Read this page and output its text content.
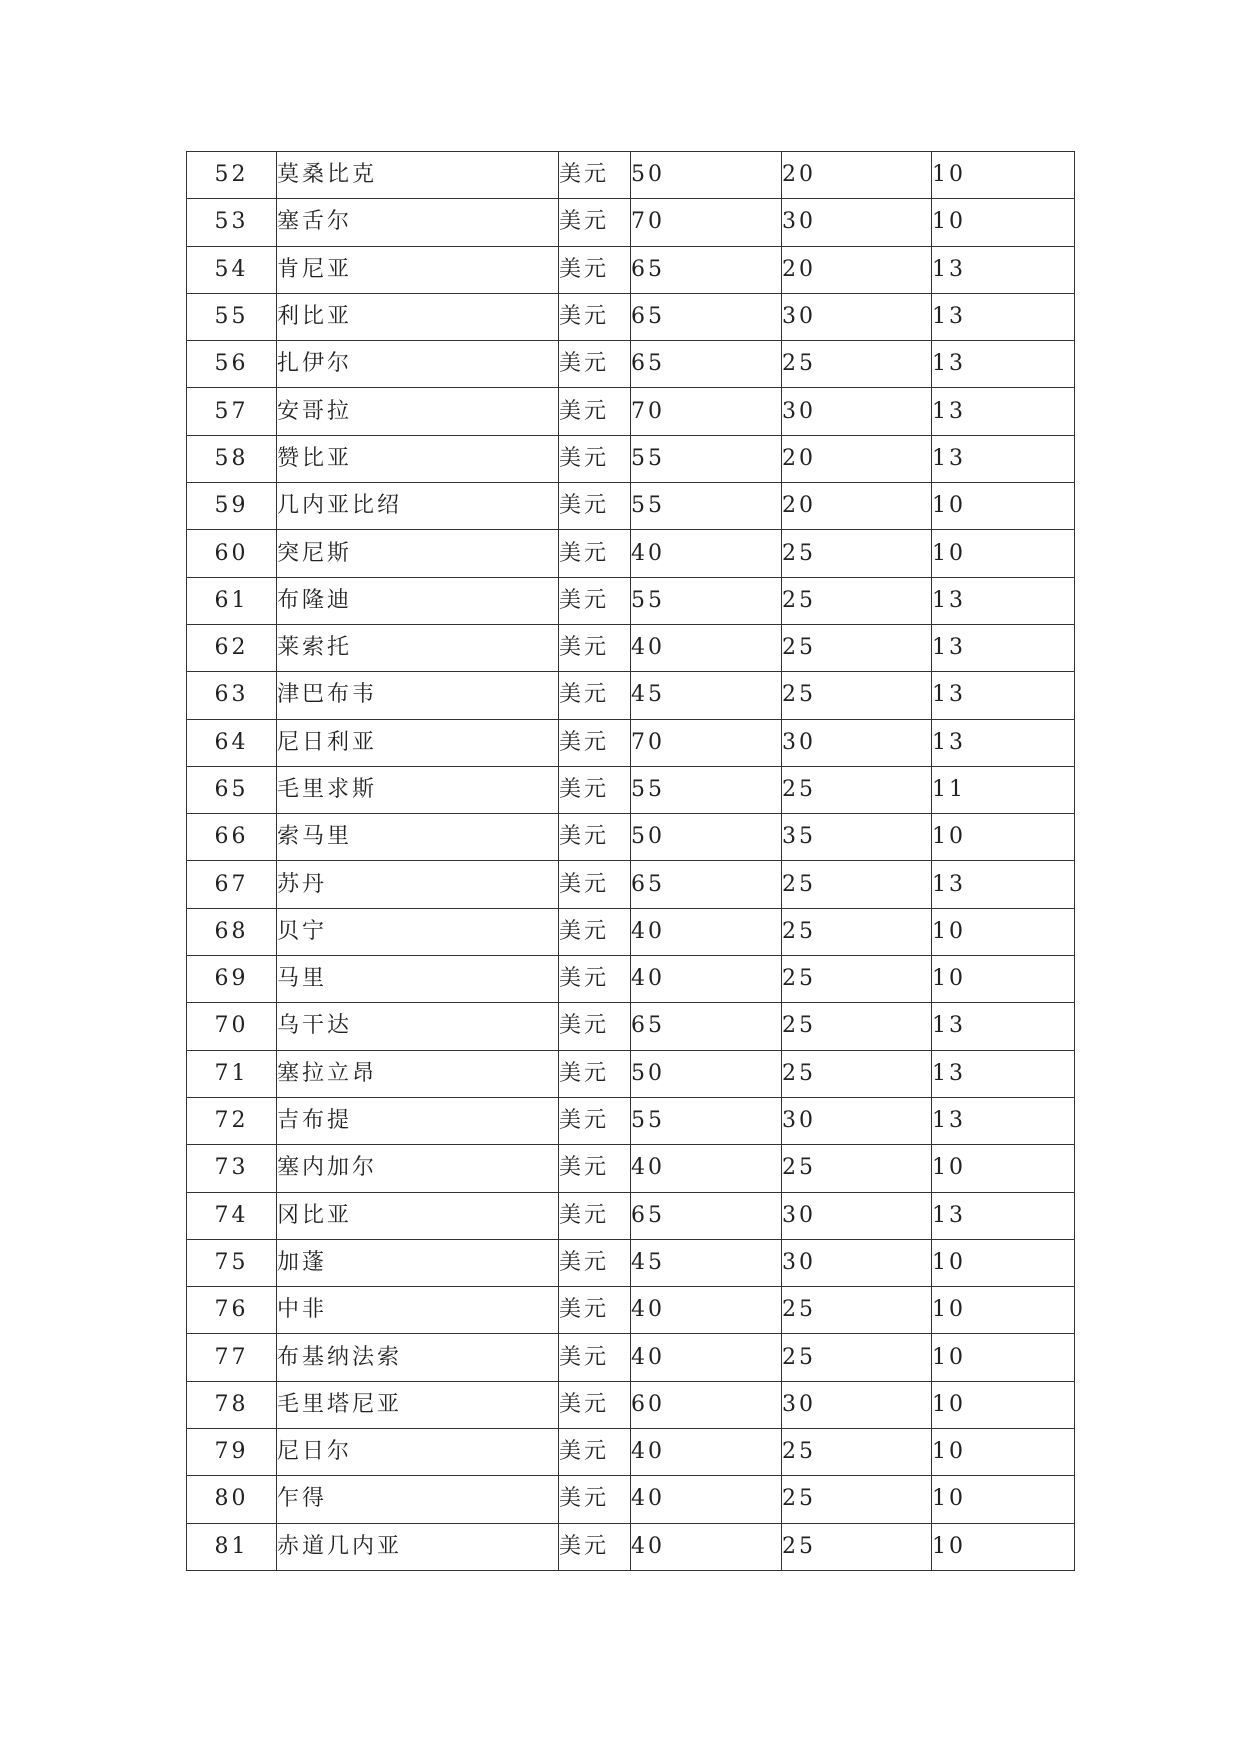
52	莫桑比克	美元	50	20	10
53	塞舌尔	美元	70	30	10
54	肯尼亚	美元	65	20	13
55	利比亚	美元	65	30	13
56	扎伊尔	美元	65	25	13
57	安哥拉	美元	70	30	13
58	赞比亚	美元	55	20	13
59	几内亚比绍	美元	55	20	10
60	突尼斯	美元	40	25	10
61	布隆迪	美元	55	25	13
62	莱索托	美元	40	25	13
63	津巴布韦	美元	45	25	13
64	尼日利亚	美元	70	30	13
65	毛里求斯	美元	55	25	11
66	索马里	美元	50	35	10
67	苏丹	美元	65	25	13
68	贝宁	美元	40	25	10
69	马里	美元	40	25	10
70	乌干达	美元	65	25	13
71	塞拉立昂	美元	50	25	13
72	吉布提	美元	55	30	13
73	塞内加尔	美元	40	25	10
74	冈比亚	美元	65	30	13
75	加蓬	美元	45	30	10
76	中非	美元	40	25	10
77	布基纳法索	美元	40	25	10
78	毛里塔尼亚	美元	60	30	10
79	尼日尔	美元	40	25	10
80	乍得	美元	40	25	10
81	赤道几内亚	美元	40	25	10
